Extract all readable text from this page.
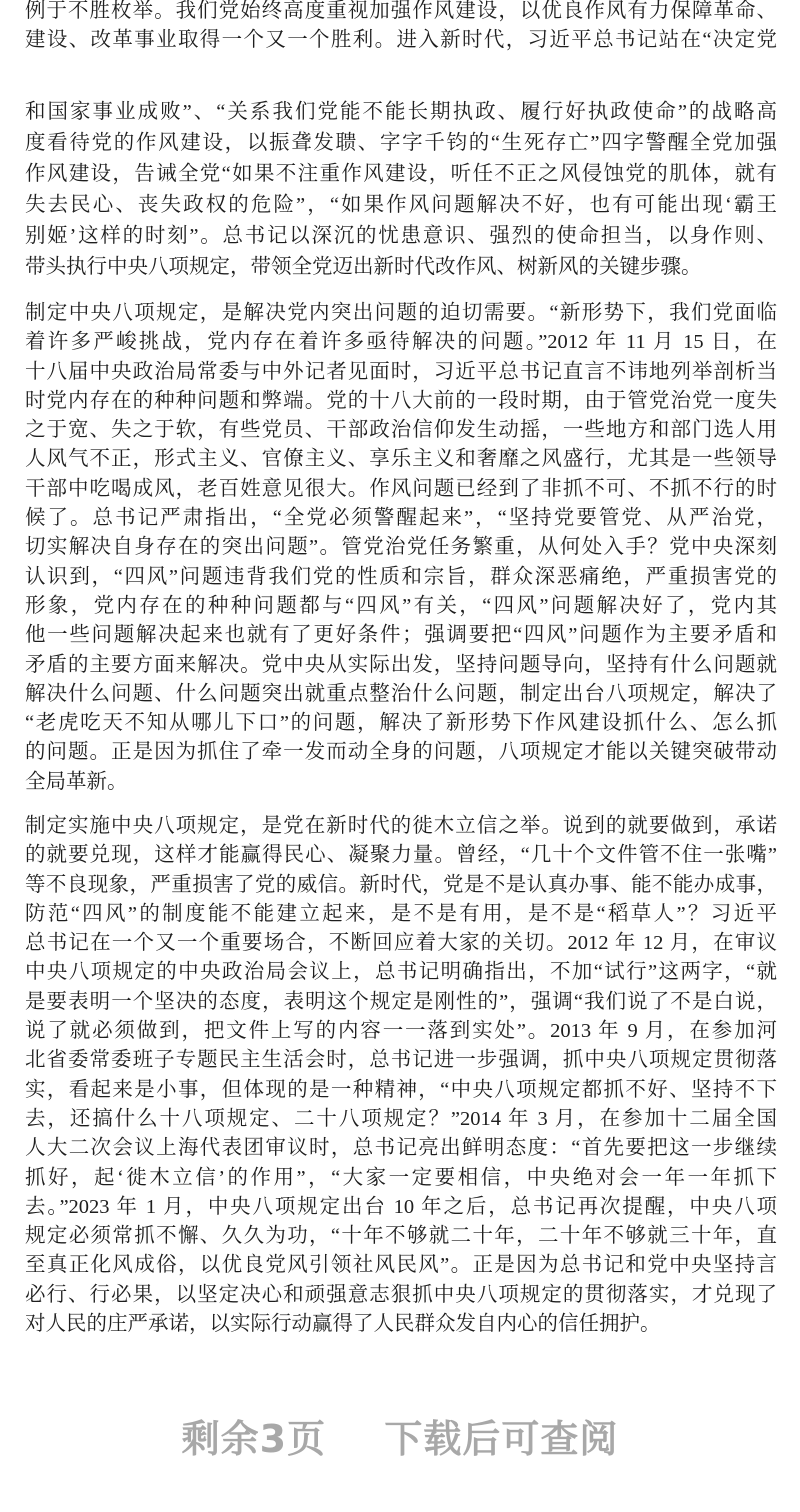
例于不胜枚举。我们党始终高度重视加强作风建设，以优良作风有力保障革命、
建设、改革事业取得一个又一个胜利。进入新时代，习近平总书记站在“决定党
和国家事业成败”、“关系我们党能不能长期执政、履行好执政使命”的战略高
度看待党的作风建设，以振聋发聩、字字千钧的“生死存亡”四字警醒全党加强
作风建设，告诫全党“如果不注重作风建设，听任不正之风侵蚀党的肌体，就有
失去民心、丧失政权的危险”，“如果作风问题解决不好，也有可能出现‘霸王
别姬’这样的时刻”。总书记以深沉的忧患意识、强烈的使命担当，以身作则、
带头执行中央八项规定，带领全党迈出新时代改作风、树新风的关键步骤。
制定中央八项规定，是解决党内突出问题的迫切需要。“新形势下，我们党面临
着许多严峻挑战，党内存在着许多亟待解决的问题。”2012 年 11 月 15 日，在
十八届中央政治局常委与中外记者见面时，习近平总书记直言不讳地列举剖析当
时党内存在的种种问题和弊端。党的十八大前的一段时期，由于管党治党一度失
之于宽、失之于软，有些党员、干部政治信仰发生动摇，一些地方和部门选人用
人风气不正，形式主义、官僚主义、享乐主义和奢靡之风盛行，尤其是一些领导
干部中吃喝成风，老百姓意见很大。作风问题已经到了非抓不可、不抓不行的时
候了。总书记严肃指出，“全党必须警醒起来”，“坚持党要管党、从严治党，
切实解决自身存在的突出问题”。管党治党任务繁重，从何处入手？党中央深刻
认识到，“四风”问题违背我们党的性质和宗旨，群众深恶痛绝，严重损害党的
形象，党内存在的种种问题都与“四风”有关，“四风”问题解决好了，党内其
他一些问题解决起来也就有了更好条件；强调要把“四风”问题作为主要矛盾和
矛盾的主要方面来解决。党中央从实际出发，坚持问题导向，坚持有什么问题就
解决什么问题、什么问题突出就重点整治什么问题，制定出台八项规定，解决了
“老虎吃天不知从哪儿下口”的问题，解决了新形势下作风建设抓什么、怎么抓
的问题。正是因为抓住了牵一发而动全身的问题，八项规定才能以关键突破带动
全局革新。
制定实施中央八项规定，是党在新时代的徙木立信之举。说到的就要做到，承诺
的就要兑现，这样才能赢得民心、凝聚力量。曾经，“几十个文件管不住一张嘴”
等不良现象，严重损害了党的威信。新时代，党是不是认真办事、能不能办成事，
防范“四风”的制度能不能建立起来，是不是有用，是不是“稻草人”？习近平
总书记在一个又一个重要场合，不断回应着大家的关切。2012 年 12 月，在审议
中央八项规定的中央政治局会议上，总书记明确指出，不加“试行”这两字，“就
是要表明一个坚决的态度，表明这个规定是刚性的”，强调“我们说了不是白说，
说了就必须做到，把文件上写的内容一一落到实处”。2013 年 9 月，在参加河
北省委常委班子专题民主生活会时，总书记进一步强调，抓中央八项规定贯彻落
实，看起来是小事，但体现的是一种精神，“中央八项规定都抓不好、坚持不下
去，还搞什么十八项规定、二十八项规定？”2014 年 3 月，在参加十二届全国
人大二次会议上海代表团审议时，总书记亮出鲜明态度：“首先要把这一步继续
抓好，起‘徙木立信’的作用”，“大家一定要相信，中央绝对会一年一年抓下
去。”2023 年 1 月，中央八项规定出台 10 年之后，总书记再次提醒，中央八项
规定必须常抓不懈、久久为功，“十年不够就二十年，二十年不够就三十年，直
至真正化风成俗，以优良党风引领社风民风”。正是因为总书记和党中央坚持言
必行、行必果，以坚定决心和顽强意志狠抓中央八项规定的贯彻落实，才兑现了
对人民的庄严承诺，以实际行动赢得了人民群众发自内心的信任拥护。
剩余3页 下载后可查阅
